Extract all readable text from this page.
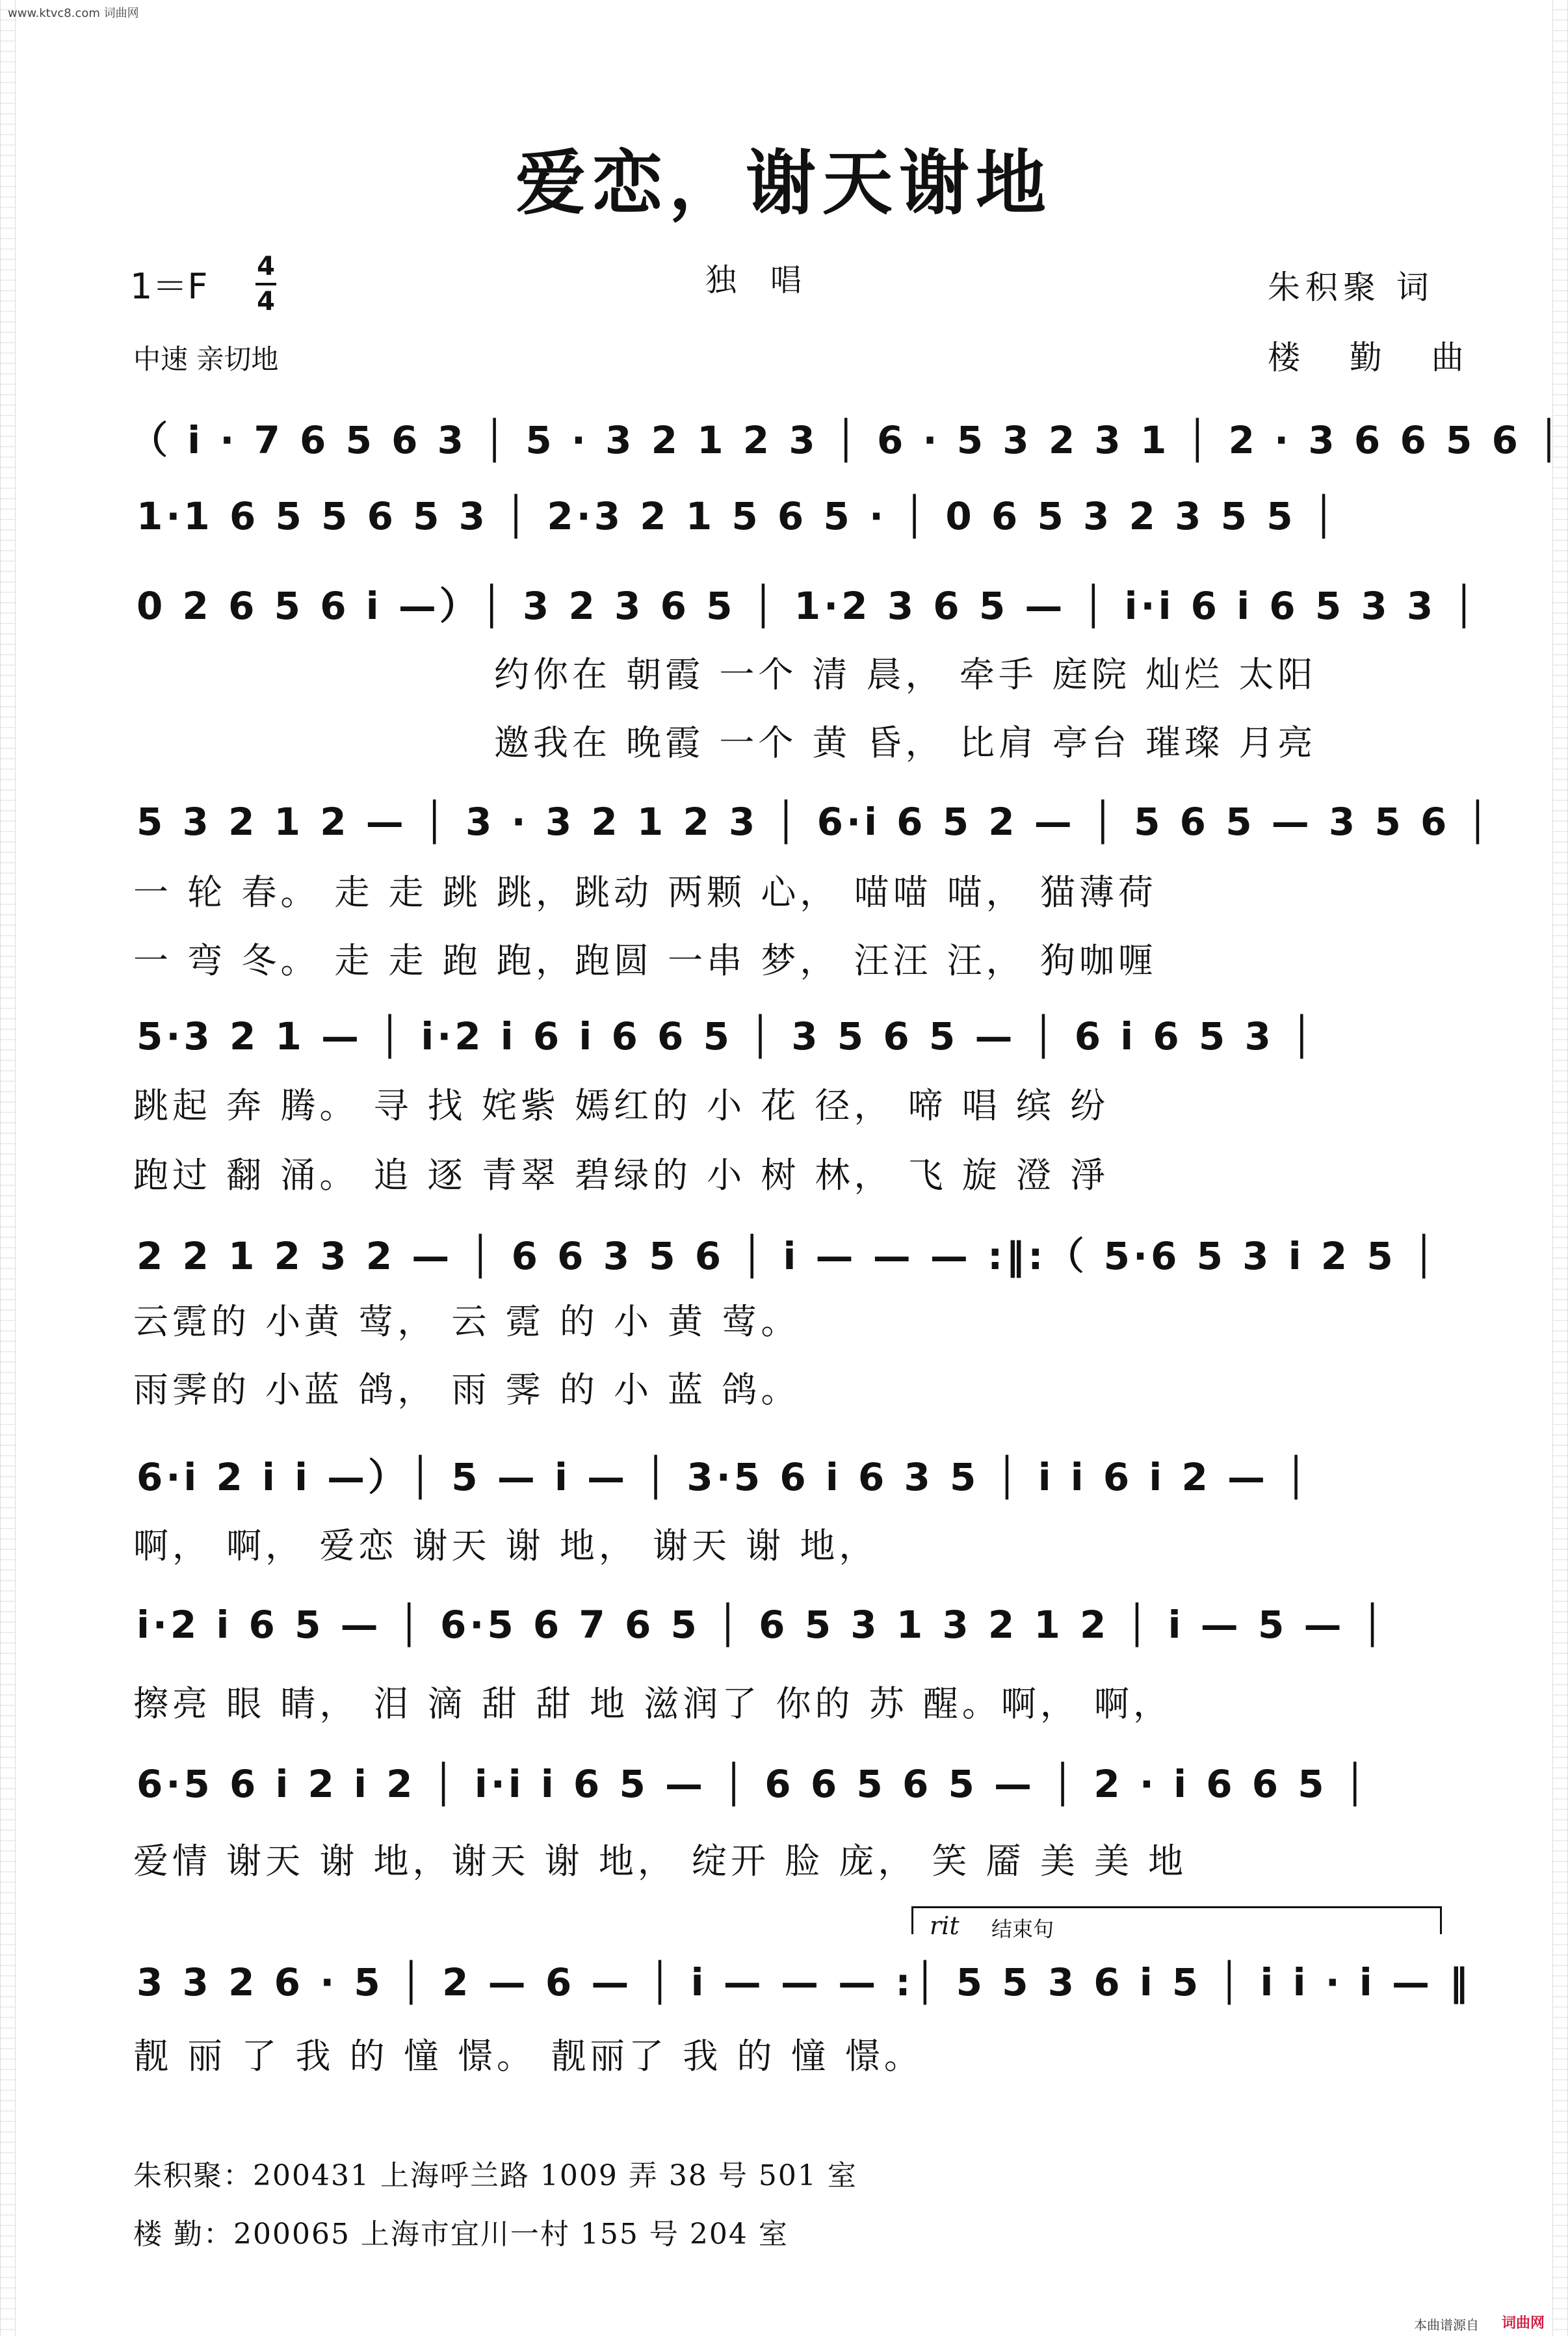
www.ktvc8.com 词曲网
爱恋，谢天谢地
1＝F 4
4
独唱	朱积聚 词
楼 勤 曲
中速 亲切地
（ i · 7 6 5 6 3 │ 5 · 3 2 1 2 3 │ 6 · 5 3 2 3 1 │ 2 · 3 6 6 5 6 │
1·1 6 5 5 6 5 3 │ 2·3 2 1 5 6 5 · │ 0 6 5 3 2 3 5 5 │
0 2 6 5 6 i —）│ 3 2 3 6 5 │ 1·2 3 6 5 — │ i·i 6 i 6 5 3 3 │
约你在 朝霞 一个 清 晨， 牵手 庭院 灿烂 太阳
邀我在 晚霞 一个 黄 昏， 比肩 亭台 璀璨 月亮
5 3 2 1 2 — │ 3 · 3 2 1 2 3 │ 6·i 6 5 2 — │ 5 6 5 — 3 5 6 │
一 轮 春。 走 走 跳 跳，跳动 两颗 心， 喵喵 喵， 猫薄荷
一 弯 冬。 走 走 跑 跑，跑圆 一串 梦， 汪汪 汪， 狗咖喱
5·3 2 1 — │ i·2 i 6 i 6 6 5 │ 3 5 6 5 — │ 6 i 6 5 3 │
跳起 奔 腾。 寻 找 姹紫 嫣红的 小 花 径， 啼 唱 缤 纷
跑过 翻 涌。 追 逐 青翠 碧绿的 小 树 林， 飞 旋 澄 淨
2 2 1 2 3 2 — │ 6 6 3 5 6 │ i — — — :‖:（ 5·6 5 3 i 2 5 │
云霓的 小黄 莺， 云 霓 的 小 黄 莺。
雨霁的 小蓝 鸽， 雨 霁 的 小 蓝 鸽。
6·i 2 i i —）│ 5 — i — │ 3·5 6 i 6 3 5 │ i i 6 i 2 — │
啊， 啊， 爱恋 谢天 谢 地， 谢天 谢 地，
i·2 i 6 5 — │ 6·5 6 7 6 5 │ 6 5 3 1 3 2 1 2 │ i — 5 — │
擦亮 眼 睛， 泪 滴 甜 甜 地 滋润了 你的 苏 醒。啊， 啊，
6·5 6 i 2 i 2 │ i·i i 6 5 — │ 6 6 5 6 5 — │ 2 · i 6 6 5 │
爱情 谢天 谢 地，谢天 谢 地， 绽开 脸 庞， 笑 靥 美 美 地
rit 结束句
3 3 2 6 · 5 │ 2 — 6 — │ i — — — :│ 5 5 3 6 i 5 │ i i · i — ‖
靓 丽 了 我 的 憧 憬。 靓丽了 我 的 憧 憬。
朱积聚：200431 上海呼兰路 1009 弄 38 号 501 室
楼 勤：200065 上海市宜川一村 155 号 204 室
本曲谱源自 词曲网
